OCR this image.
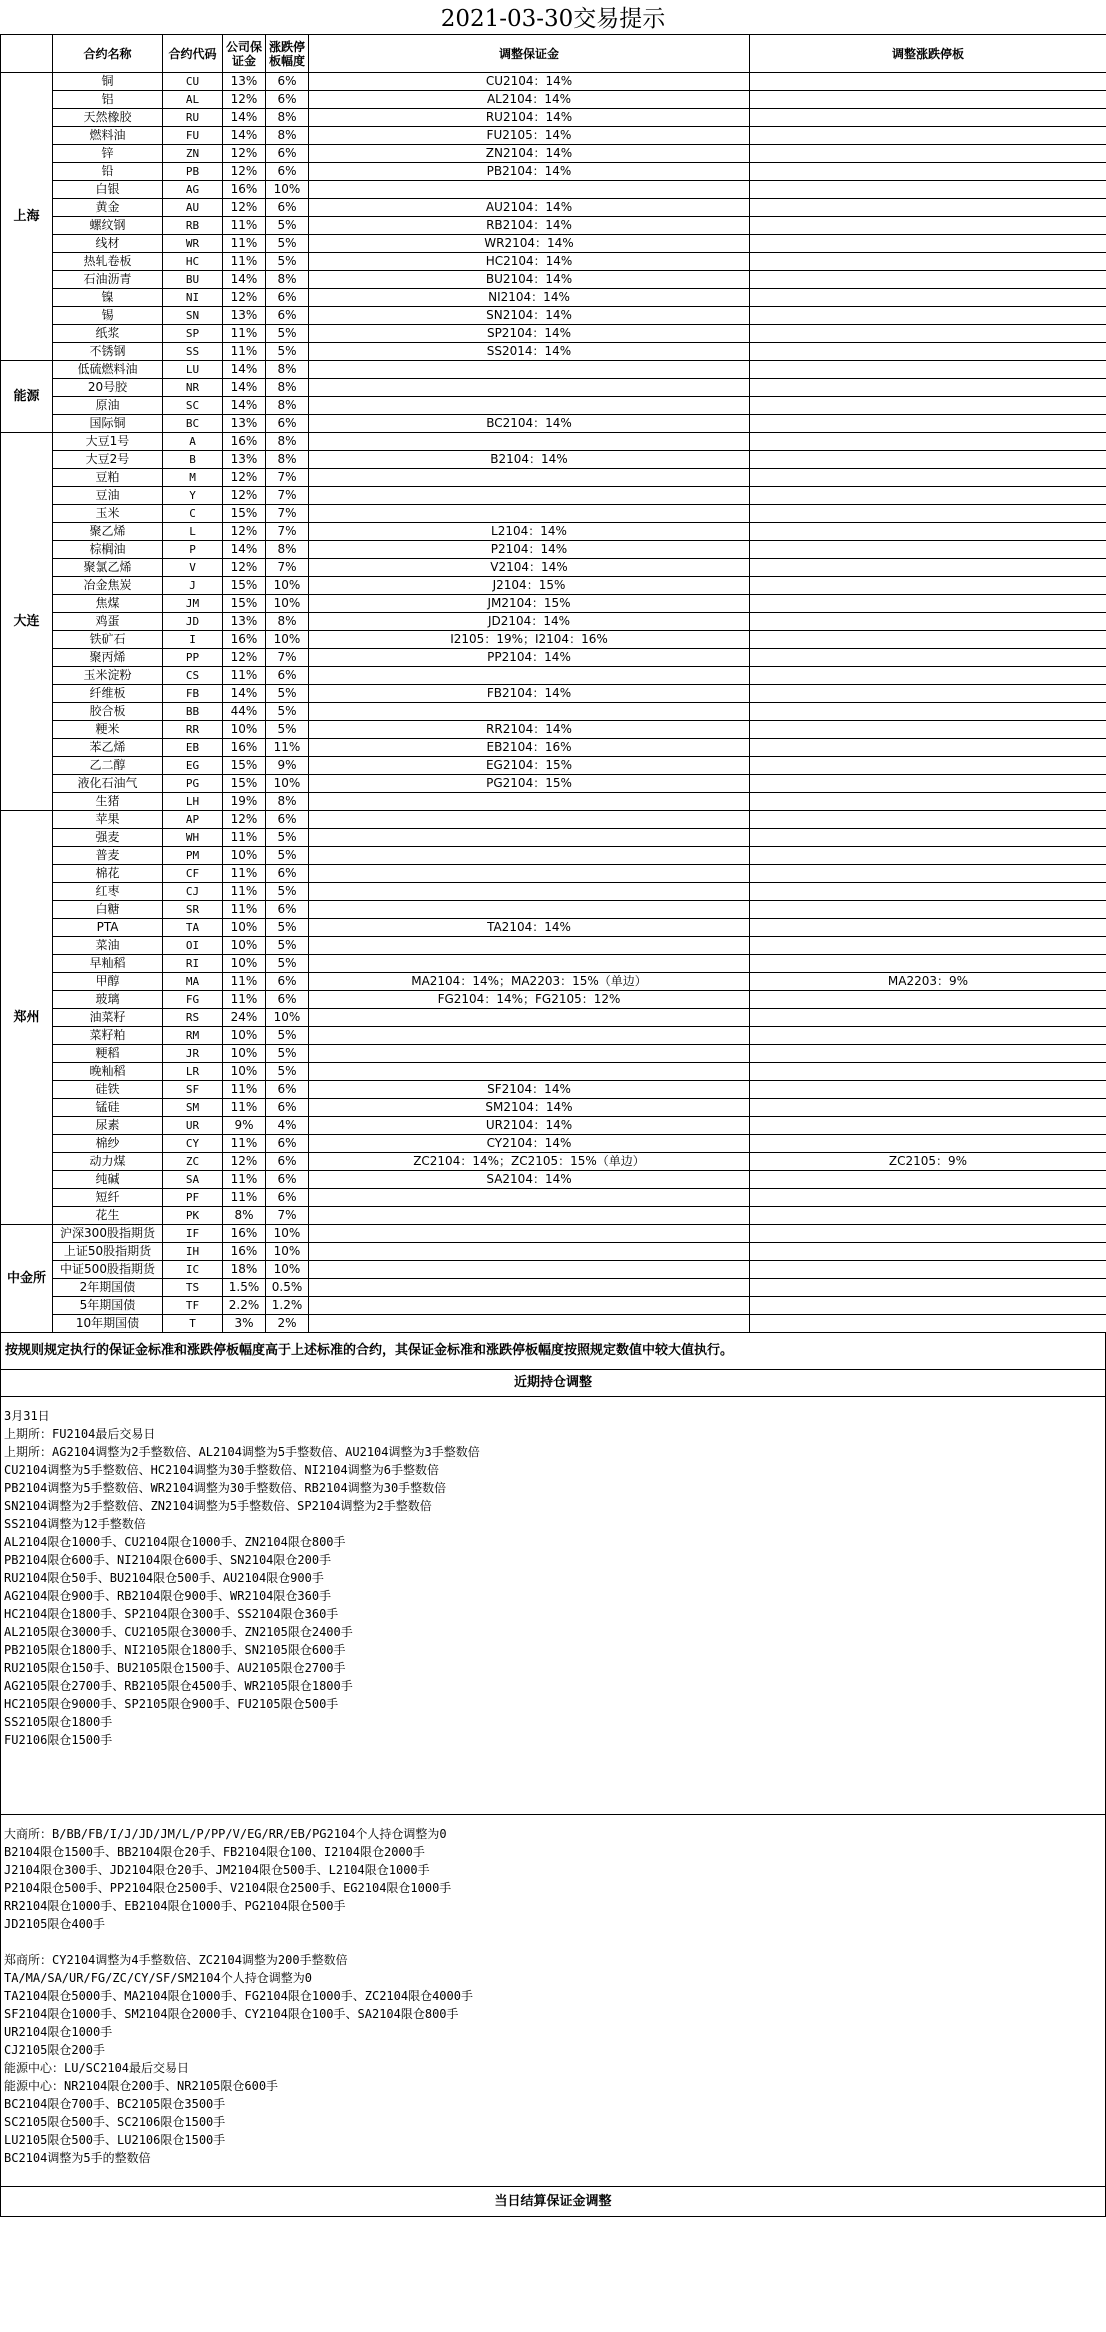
2021-03-30交易提示
	合约名称	合约代码	公司保证金	涨跌停板幅度	调整保证金	调整涨跌停板
上海	铜	CU	13%	6%	CU2104：14%	
	铝	AL	12%	6%	AL2104：14%	
	天然橡胶	RU	14%	8%	RU2104：14%	
	燃料油	FU	14%	8%	FU2105：14%	
	锌	ZN	12%	6%	ZN2104：14%	
	铅	PB	12%	6%	PB2104：14%	
	白银	AG	16%	10%		
	黄金	AU	12%	6%	AU2104：14%	
	螺纹钢	RB	11%	5%	RB2104：14%	
	线材	WR	11%	5%	WR2104：14%	
	热轧卷板	HC	11%	5%	HC2104：14%	
	石油沥青	BU	14%	8%	BU2104：14%	
	镍	NI	12%	6%	NI2104：14%	
	锡	SN	13%	6%	SN2104：14%	
	纸浆	SP	11%	5%	SP2104：14%	
	不锈钢	SS	11%	5%	SS2014：14%	
能源	低硫燃料油	LU	14%	8%		
	20号胶	NR	14%	8%		
	原油	SC	14%	8%		
	国际铜	BC	13%	6%	BC2104：14%	
大连	大豆1号	A	16%	8%		
	大豆2号	B	13%	8%	B2104：14%	
	豆粕	M	12%	7%		
	豆油	Y	12%	7%		
	玉米	C	15%	7%		
	聚乙烯	L	12%	7%	L2104：14%	
	棕榈油	P	14%	8%	P2104：14%	
	聚氯乙烯	V	12%	7%	V2104：14%	
	冶金焦炭	J	15%	10%	J2104：15%	
	焦煤	JM	15%	10%	JM2104：15%	
	鸡蛋	JD	13%	8%	JD2104：14%	
	铁矿石	I	16%	10%	I2105：19%；I2104：16%	
	聚丙烯	PP	12%	7%	PP2104：14%	
	玉米淀粉	CS	11%	6%		
	纤维板	FB	14%	5%	FB2104：14%	
	胶合板	BB	44%	5%		
	粳米	RR	10%	5%	RR2104：14%	
	苯乙烯	EB	16%	11%	EB2104：16%	
	乙二醇	EG	15%	9%	EG2104：15%	
	液化石油气	PG	15%	10%	PG2104：15%	
	生猪	LH	19%	8%		
郑州	苹果	AP	12%	6%		
	强麦	WH	11%	5%		
	普麦	PM	10%	5%		
	棉花	CF	11%	6%		
	红枣	CJ	11%	5%		
	白糖	SR	11%	6%		
	PTA	TA	10%	5%	TA2104：14%	
	菜油	OI	10%	5%		
	早籼稻	RI	10%	5%		
	甲醇	MA	11%	6%	MA2104：14%；MA2203：15%（单边）	MA2203：9%
	玻璃	FG	11%	6%	FG2104：14%；FG2105：12%	
	油菜籽	RS	24%	10%		
	菜籽粕	RM	10%	5%		
	粳稻	JR	10%	5%		
	晚籼稻	LR	10%	5%		
	硅铁	SF	11%	6%	SF2104：14%	
	锰硅	SM	11%	6%	SM2104：14%	
	尿素	UR	9%	4%	UR2104：14%	
	棉纱	CY	11%	6%	CY2104：14%	
	动力煤	ZC	12%	6%	ZC2104：14%；ZC2105：15%（单边）	ZC2105：9%
	纯碱	SA	11%	6%	SA2104：14%	
	短纤	PF	11%	6%		
	花生	PK	8%	7%		
中金所	沪深300股指期货	IF	16%	10%		
	上证50股指期货	IH	16%	10%		
	中证500股指期货	IC	18%	10%		
	2年期国债	TS	1.5%	0.5%		
	5年期国债	TF	2.2%	1.2%		
	10年期国债	T	3%	2%		
按规则规定执行的保证金标准和涨跌停板幅度高于上述标准的合约，其保证金标准和涨跌停板幅度按照规定数值中较大值执行。
近期持仓调整
3月31日
上期所：FU2104最后交易日
上期所：AG2104调整为2手整数倍、AL2104调整为5手整数倍、AU2104调整为3手整数倍
CU2104调整为5手整数倍、HC2104调整为30手整数倍、NI2104调整为6手整数倍
PB2104调整为5手整数倍、WR2104调整为30手整数倍、RB2104调整为30手整数倍
SN2104调整为2手整数倍、ZN2104调整为5手整数倍、SP2104调整为2手整数倍
SS2104调整为12手整数倍
AL2104限仓1000手、CU2104限仓1000手、ZN2104限仓800手
PB2104限仓600手、NI2104限仓600手、SN2104限仓200手
RU2104限仓50手、BU2104限仓500手、AU2104限仓900手
AG2104限仓900手、RB2104限仓900手、WR2104限仓360手
HC2104限仓1800手、SP2104限仓300手、SS2104限仓360手
AL2105限仓3000手、CU2105限仓3000手、ZN2105限仓2400手
PB2105限仓1800手、NI2105限仓1800手、SN2105限仓600手
RU2105限仓150手、BU2105限仓1500手、AU2105限仓2700手
AG2105限仓2700手、RB2105限仓4500手、WR2105限仓1800手
HC2105限仓9000手、SP2105限仓900手、FU2105限仓500手
SS2105限仓1800手
FU2106限仓1500手
大商所：B/BB/FB/I/J/JD/JM/L/P/PP/V/EG/RR/EB/PG2104个人持仓调整为0
B2104限仓1500手、BB2104限仓20手、FB2104限仓100、I2104限仓2000手
J2104限仓300手、JD2104限仓20手、JM2104限仓500手、L2104限仓1000手
P2104限仓500手、PP2104限仓2500手、V2104限仓2500手、EG2104限仓1000手
RR2104限仓1000手、EB2104限仓1000手、PG2104限仓500手
JD2105限仓400手
郑商所：CY2104调整为4手整数倍、ZC2104调整为200手整数倍
TA/MA/SA/UR/FG/ZC/CY/SF/SM2104个人持仓调整为0
TA2104限仓5000手、MA2104限仓1000手、FG2104限仓1000手、ZC2104限仓4000手
SF2104限仓1000手、SM2104限仓2000手、CY2104限仓100手、SA2104限仓800手
UR2104限仓1000手
CJ2105限仓200手
能源中心：LU/SC2104最后交易日
能源中心：NR2104限仓200手、NR2105限仓600手
BC2104限仓700手、BC2105限仓3500手
SC2105限仓500手、SC2106限仓1500手
LU2105限仓500手、LU2106限仓1500手
BC2104调整为5手的整数倍
当日结算保证金调整
